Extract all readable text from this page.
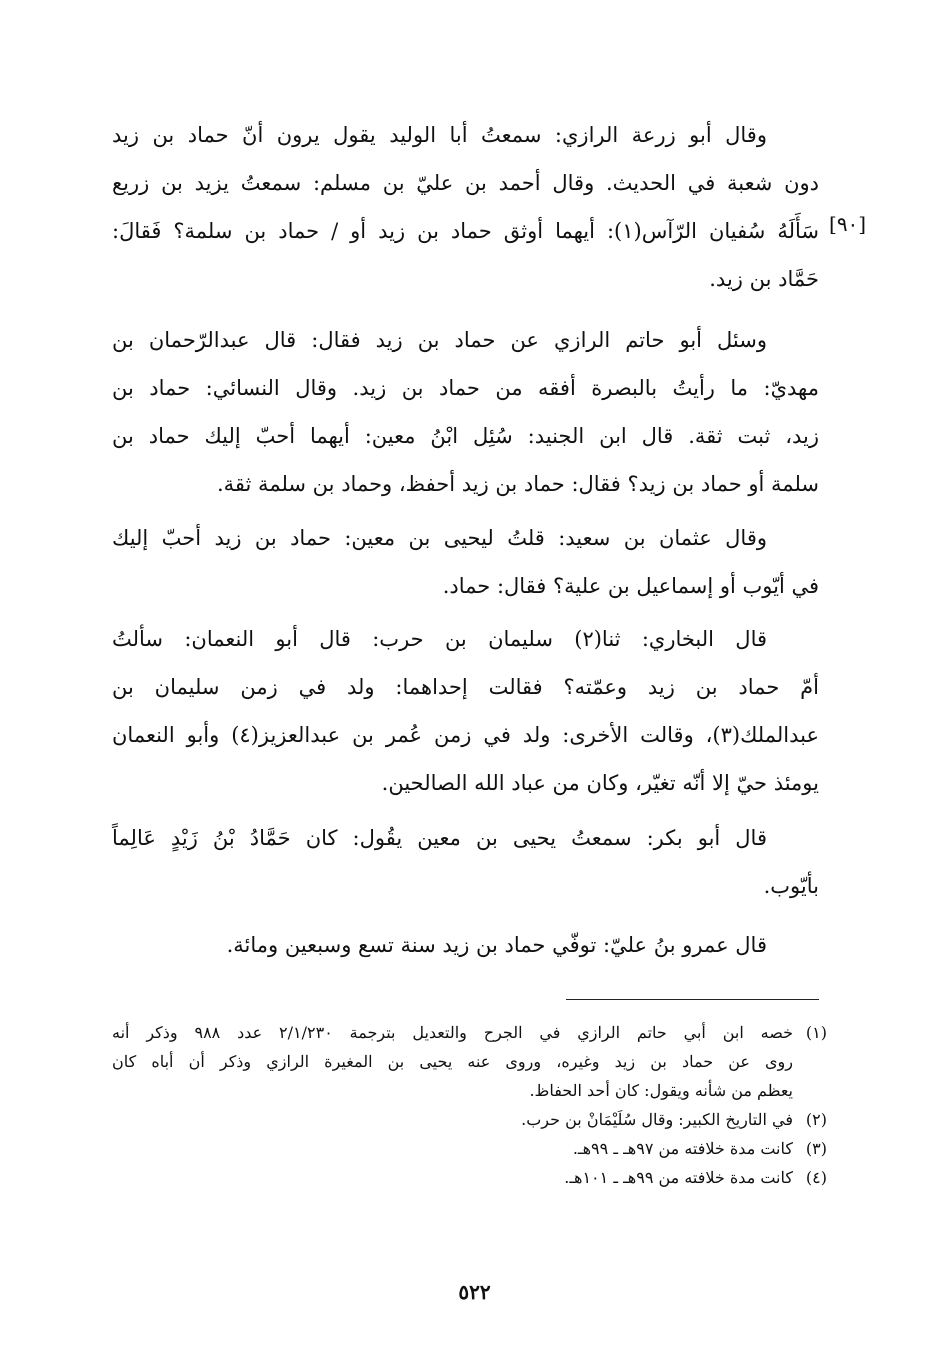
[٩٠]
وقال أبو زرعة الرازي: سمعتُ أبا الوليد يقول يرون أنّ حماد بن زيد
دون شعبة في الحديث. وقال أحمد بن عليّ بن مسلم: سمعتُ يزيد بن زريع
سَأَلَهُ سُفيان الرّآس(١): أيهما أوثق حماد بن زيد أو / حماد بن سلمة؟ فَقالَ:
حَمَّاد بن زيد.
وسئل أبو حاتم الرازي عن حماد بن زيد فقال: قال عبدالرّحمان بن
مهديّ: ما رأيتُ بالبصرة أفقه من حماد بن زيد. وقال النسائي: حماد بن
زيد، ثبت ثقة. قال ابن الجنيد: سُئِل ابْنُ معين: أيهما أحبّ إليك حماد بن
سلمة أو حماد بن زيد؟ فقال: حماد بن زيد أحفظ، وحماد بن سلمة ثقة.
وقال عثمان بن سعيد: قلتُ ليحيى بن معين: حماد بن زيد أحبّ إليك
في أيّوب أو إسماعيل بن علية؟ فقال: حماد.
قال البخاري: ثنا(٢) سليمان بن حرب: قال أبو النعمان: سألتُ
أمّ حماد بن زيد وعمّته؟ فقالت إحداهما: ولد في زمن سليمان بن
عبدالملك(٣)، وقالت الأخرى: ولد في زمن عُمر بن عبدالعزيز(٤) وأبو النعمان
يومئذ حيّ إلا أنّه تغيّر، وكان من عباد الله الصالحين.
قال أبو بكر: سمعتُ يحيى بن معين يقُول: كان حَمَّادُ بْنُ زَيْدٍ عَالِماً
بأيّوب.
قال عمرو بنُ عليّ: توفّي حماد بن زيد سنة تسع وسبعين ومائة.
(١)خصه ابن أبي حاتم الرازي في الجرح والتعديل بترجمة ٢/١/٢٣٠ عدد ٩٨٨ وذكر أنه
روى عن حماد بن زيد وغيره، وروى عنه يحيى بن المغيرة الرازي وذكر أن أباه كان
يعظم من شأنه ويقول: كان أحد الحفاظ.
(٢)في التاريخ الكبير: وقال سُلَيْمَانْ بن حرب.
(٣)كانت مدة خلافته من ٩٧هـ ـ ٩٩هـ.
(٤)كانت مدة خلافته من ٩٩هـ ـ ١٠١هـ.
٥٢٢
